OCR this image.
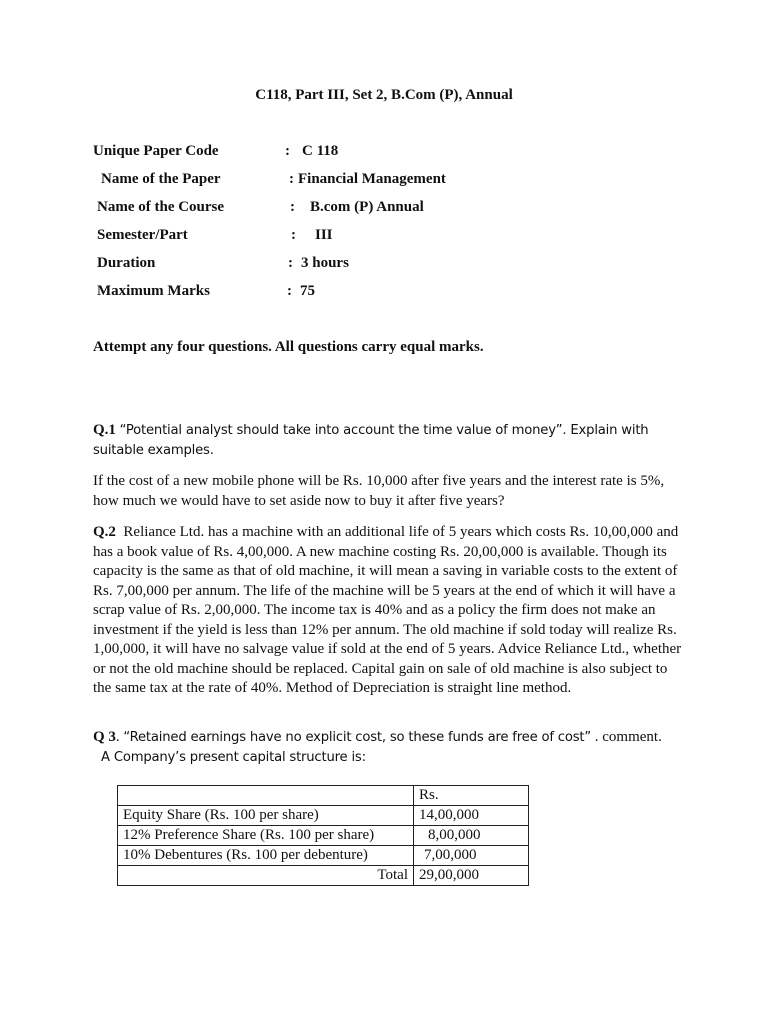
C118, Part III, Set 2, B.Com (P), Annual
Unique Paper Code	: C 118
Name of the Paper	: Financial Management
Name of the Course	: B.com (P) Annual
Semester/Part	: III
Duration	: 3 hours
Maximum Marks	: 75
Attempt any four questions. All questions carry equal marks.
Q.1 “Potential analyst should take into account the time value of money”. Explain with suitable examples.
If the cost of a new mobile phone will be Rs. 10,000 after five years and the interest rate is 5%, how much we would have to set aside now to buy it after five years?
Q.2 Reliance Ltd. has a machine with an additional life of 5 years which costs Rs. 10,00,000 and has a book value of Rs. 4,00,000. A new machine costing Rs. 20,00,000 is available. Though its capacity is the same as that of old machine, it will mean a saving in variable costs to the extent of Rs. 7,00,000 per annum. The life of the machine will be 5 years at the end of which it will have a scrap value of Rs. 2,00,000. The income tax is 40% and as a policy the firm does not make an investment if the yield is less than 12% per annum. The old machine if sold today will realize Rs. 1,00,000, it will have no salvage value if sold at the end of 5 years. Advice Reliance Ltd., whether or not the old machine should be replaced. Capital gain on sale of old machine is also subject to the same tax at the rate of 40%. Method of Depreciation is straight line method.
Q 3. “Retained earnings have no explicit cost, so these funds are free of cost” . comment.
A Company’s present capital structure is:
	Rs.
Equity Share (Rs. 100 per share)	14,00,000
12% Preference Share (Rs. 100 per share)	8,00,000
10% Debentures (Rs. 100 per debenture)	7,00,000
Total	29,00,000
